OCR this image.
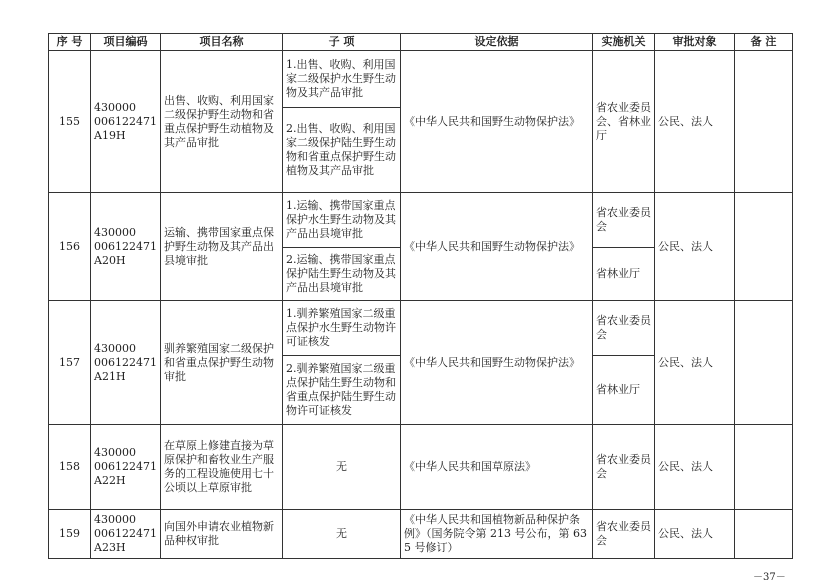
序 号	项目编码	项目名称	子 项	设定依据	实施机关	审批对象	备 注
155	430000
006122471
A19H	出售、收购、利用国家二级保护野生动物和省重点保护野生动植物及其产品审批	1.出售、收购、利用国家二级保护水生野生动物及其产品审批	《中华人民共和国野生动物保护法》	省农业委员会、省林业厅	公民、法人	
			2.出售、收购、利用国家二级保护陆生野生动物和省重点保护野生动植物及其产品审批				
156	430000
006122471
A20H	运输、携带国家重点保护野生动物及其产品出县境审批	1.运输、携带国家重点保护水生野生动物及其产品出县境审批	《中华人民共和国野生动物保护法》	省农业委员会	公民、法人	
			2.运输、携带国家重点保护陆生野生动物及其产品出县境审批		省林业厅		
157	430000
006122471
A21H	驯养繁殖国家二级保护和省重点保护野生动物审批	1.驯养繁殖国家二级重点保护水生野生动物许可证核发	《中华人民共和国野生动物保护法》	省农业委员会	公民、法人	
			2.驯养繁殖国家二级重点保护陆生野生动物和省重点保护陆生野生动物许可证核发		省林业厅		
158	430000
006122471
A22H	在草原上修建直接为草原保护和畜牧业生产服务的工程设施使用七十公顷以上草原审批	无	《中华人民共和国草原法》	省农业委员会	公民、法人	
159	430000
006122471
A23H	向国外申请农业植物新品种权审批	无	《中华人民共和国植物新品种保护条例》（国务院令第 213 号公布，第 635 号修订）	省农业委员会	公民、法人	
－37－
